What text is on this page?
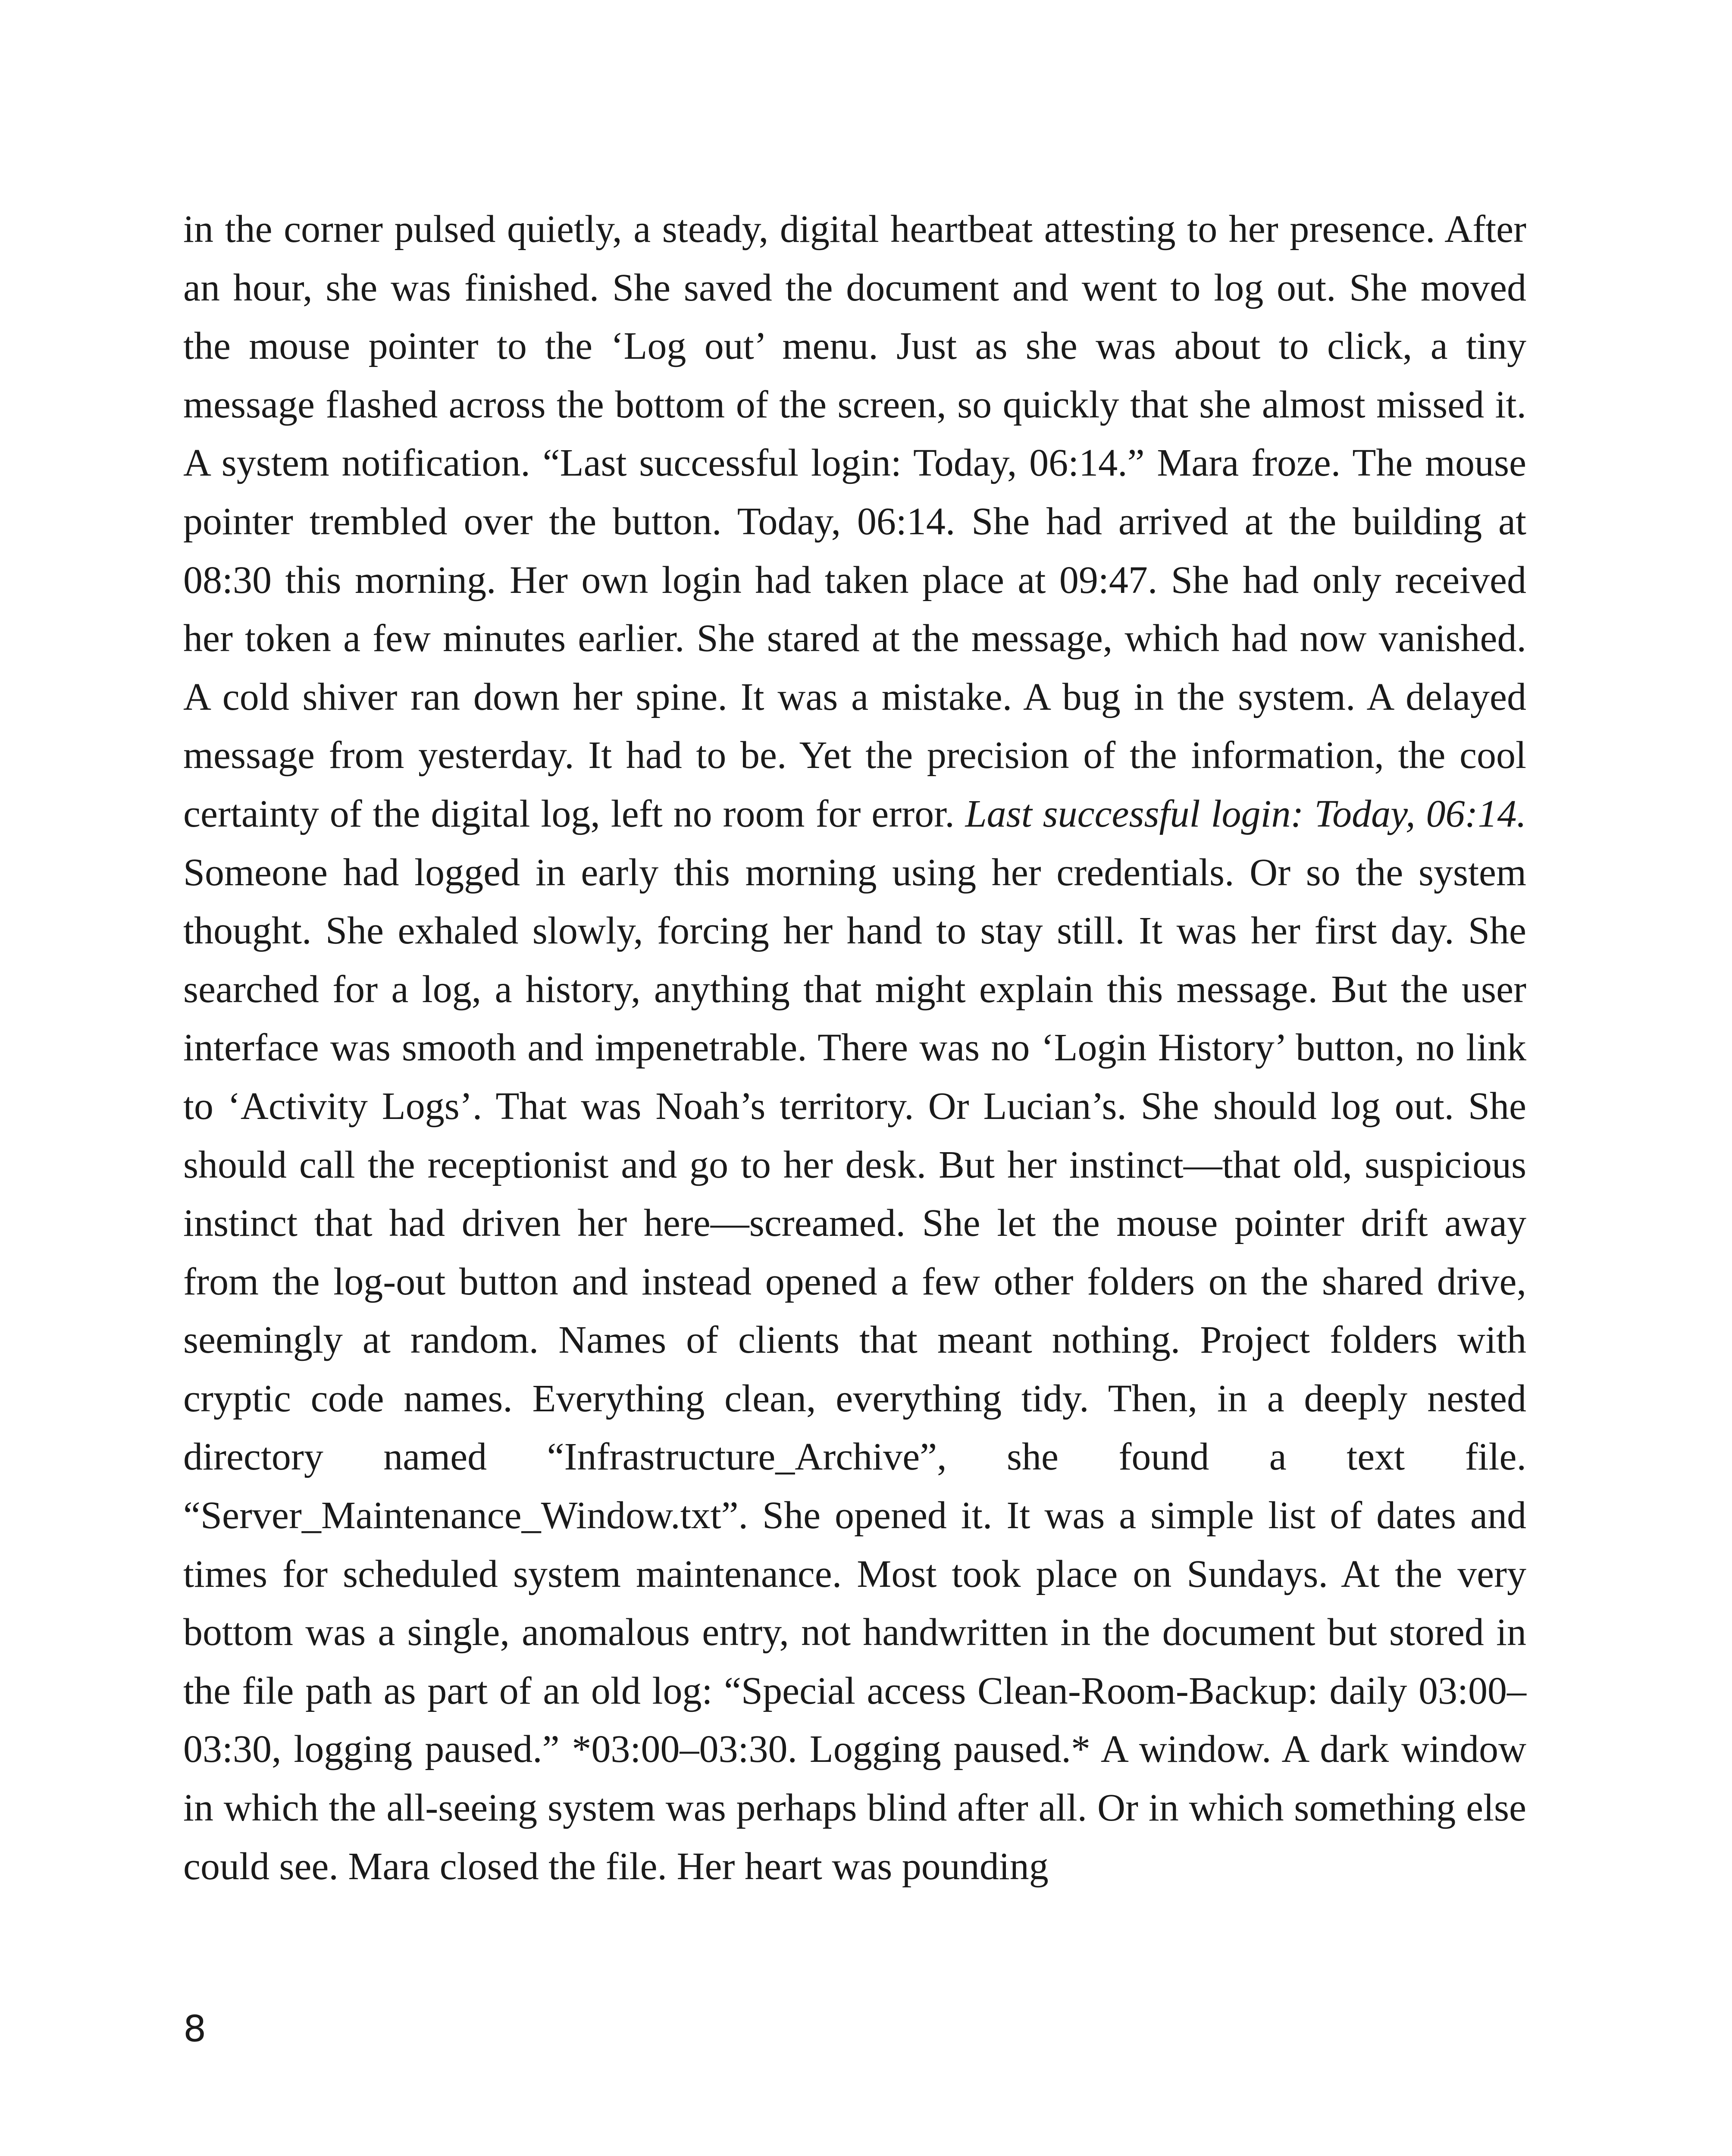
in the corner pulsed quietly, a steady, digital heartbeat attesting to her presence. After an hour, she was finished. She saved the document and went to log out. She moved the mouse pointer to the ‘Log out’ menu. Just as she was about to click, a tiny message flashed across the bottom of the screen, so quickly that she almost missed it. A system notification. “Last successful login: Today, 06:14.” Mara froze. The mouse pointer trembled over the button. Today, 06:14. She had arrived at the building at 08:30 this morning. Her own login had taken place at 09:47. She had only received her token a few minutes earlier. She stared at the message, which had now vanished. A cold shiver ran down her spine. It was a mistake. A bug in the system. A delayed message from yesterday. It had to be. Yet the precision of the information, the cool certainty of the digital log, left no room for error. Last successful login: Today, 06:14. Someone had logged in early this morning using her credentials. Or so the system thought. She exhaled slowly, forcing her hand to stay still. It was her first day. She searched for a log, a history, anything that might explain this message. But the user interface was smooth and impenetrable. There was no ‘Login History’ button, no link to ‘Activity Logs’. That was Noah’s territory. Or Lucian’s. She should log out. She should call the receptionist and go to her desk. But her instinct—that old, suspicious instinct that had driven her here—screamed. She let the mouse pointer drift away from the log-out button and instead opened a few other folders on the shared drive, seemingly at random. Names of clients that meant nothing. Project folders with cryptic code names. Everything clean, everything tidy. Then, in a deeply nested directory named “Infrastructure_Archive”, she found a text file. “Server_Maintenance_Window.txt”. She opened it. It was a simple list of dates and times for scheduled system maintenance. Most took place on Sundays. At the very bottom was a single, anomalous entry, not handwritten in the document but stored in the file path as part of an old log: “Special access Clean-Room-Backup: daily 03:00–03:30, logging paused.” *03:00–03:30. Logging paused.* A window. A dark window in which the all-seeing system was perhaps blind after all. Or in which something else could see. Mara closed the file. Her heart was pounding

8
